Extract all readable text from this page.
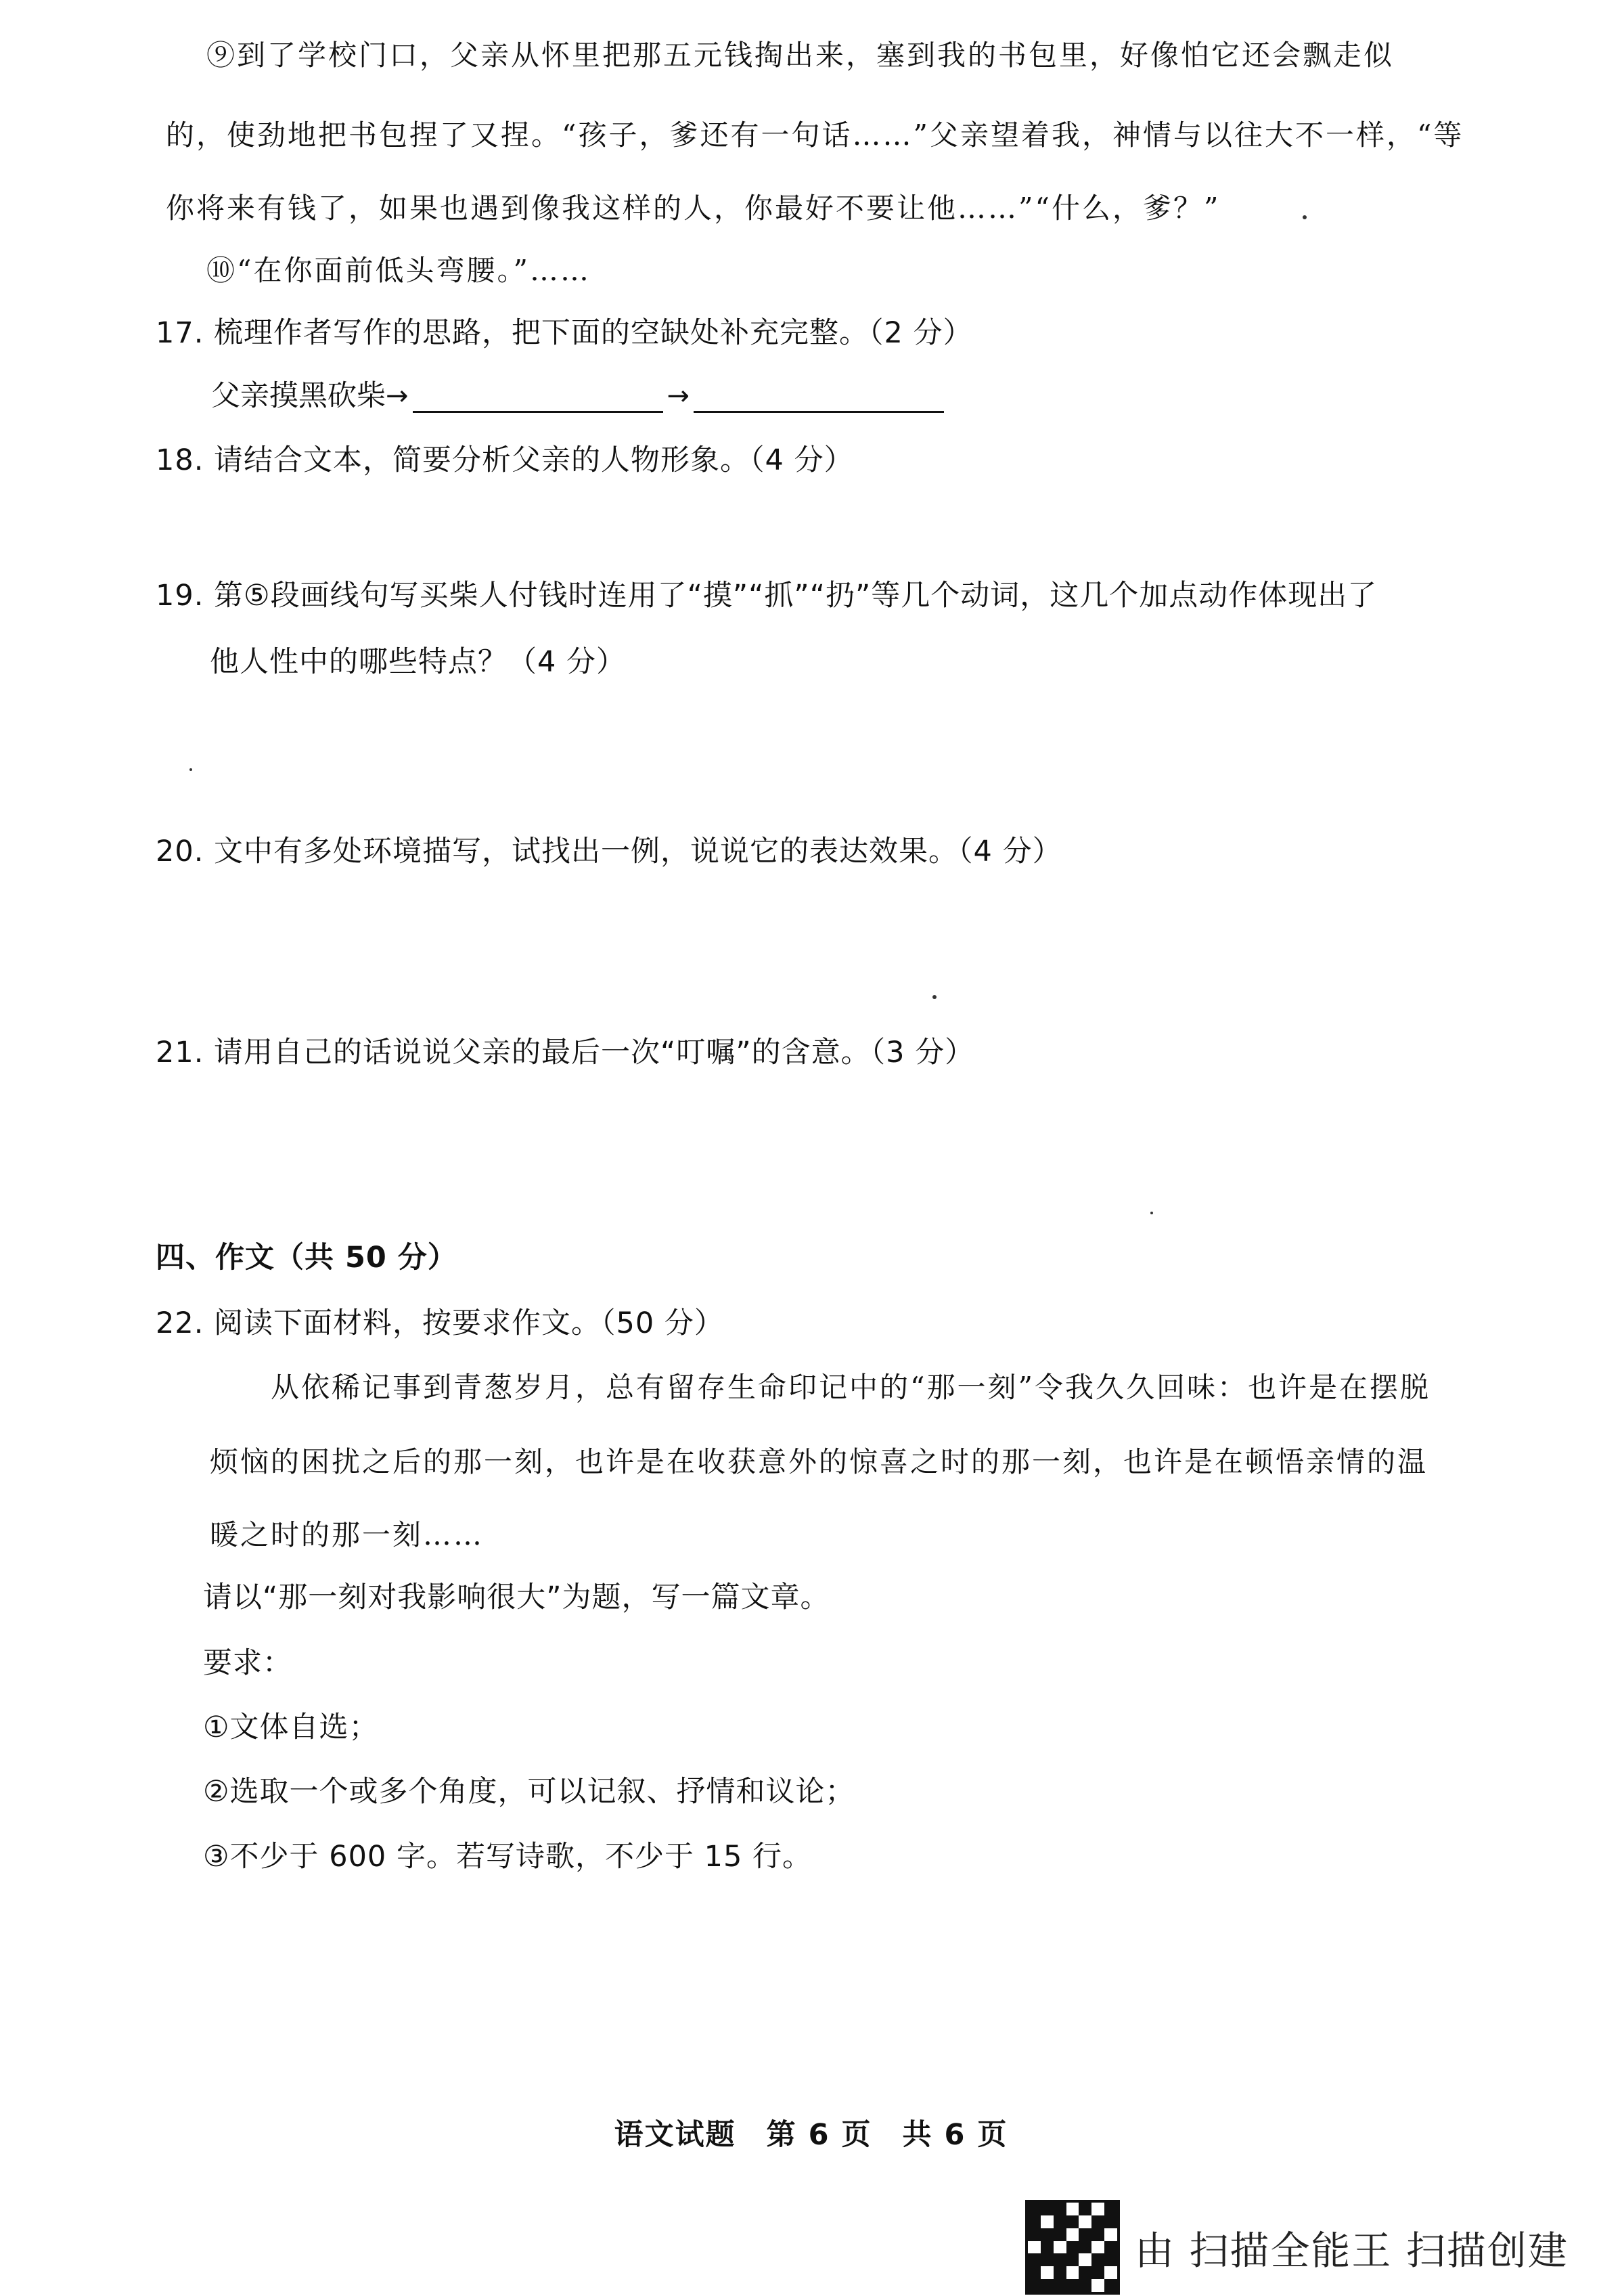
⑨到了学校门口，父亲从怀里把那五元钱掏出来，塞到我的书包里，好像怕它还会飘走似
的，使劲地把书包捏了又捏。“孩子，爹还有一句话……”父亲望着我，神情与以往大不一样，“等
你将来有钱了，如果也遇到像我这样的人，你最好不要让他……”“什么，爹？”
⑩“在你面前低头弯腰。”……
17. 梳理作者写作的思路，把下面的空缺处补充完整。（2 分）
父亲摸黑砍柴 →	→
18. 请结合文本，简要分析父亲的人物形象。（4 分）
19. 第⑤段画线句写买柴人付钱时连用了“摸”“抓”“扔”等几个动词，这几个加点动作体现出了
他人性中的哪些特点？（4 分）
20. 文中有多处环境描写，试找出一例，说说它的表达效果。（4 分）
21. 请用自己的话说说父亲的最后一次“叮嘱”的含意。（3 分）
四、作文（共 50 分）
22. 阅读下面材料，按要求作文。（50 分）
从依稀记事到青葱岁月，总有留存生命印记中的“那一刻”令我久久回味：也许是在摆脱
烦恼的困扰之后的那一刻，也许是在收获意外的惊喜之时的那一刻，也许是在顿悟亲情的温
暖之时的那一刻……
请以“那一刻对我影响很大”为题，写一篇文章。
要求：
①文体自选；
②选取一个或多个角度，可以记叙、抒情和议论；
③不少于 600 字。若写诗歌，不少于 15 行。
语文试题　第 6 页　共 6 页
由 扫描全能王 扫描创建
